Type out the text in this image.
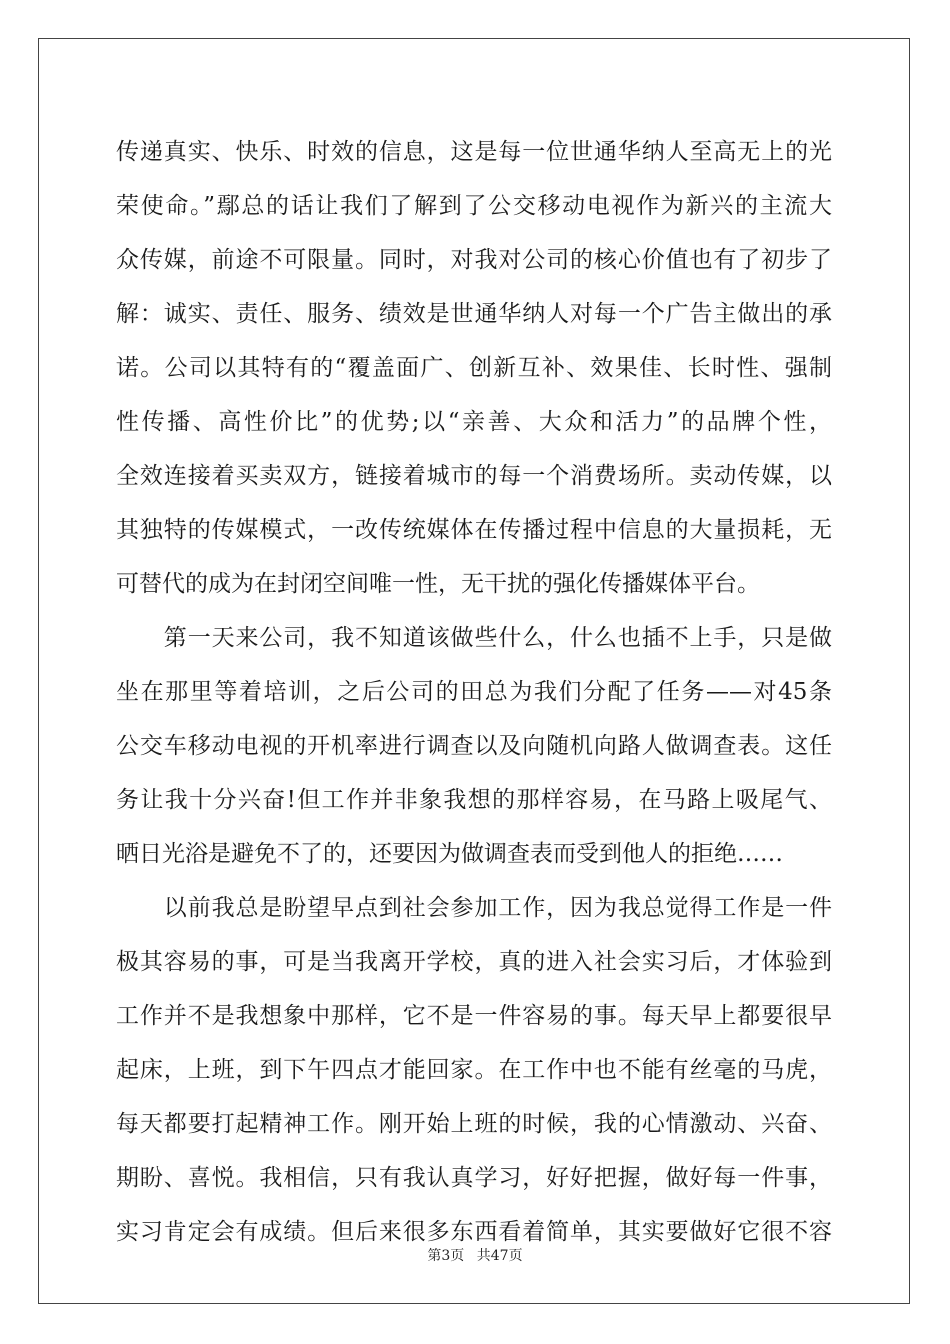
传递真实、快乐、时效的信息，这是每一位世通华纳人至高无上的光
荣使命。”鄢总的话让我们了解到了公交移动电视作为新兴的主流大
众传媒，前途不可限量。同时，对我对公司的核心价值也有了初步了
解：诚实、责任、服务、绩效是世通华纳人对每一个广告主做出的承
诺。公司以其特有的“覆盖面广、创新互补、效果佳、长时性、强制
性传播、高性价比”的优势;以“亲善、大众和活力”的品牌个性，
全效连接着买卖双方，链接着城市的每一个消费场所。卖动传媒，以
其独特的传媒模式，一改传统媒体在传播过程中信息的大量损耗，无
可替代的成为在封闭空间唯一性，无干扰的强化传播媒体平台。
　　第一天来公司，我不知道该做些什么，什么也插不上手，只是做
坐在那里等着培训，之后公司的田总为我们分配了任务——对45条
公交车移动电视的开机率进行调查以及向随机向路人做调查表。这任
务让我十分兴奋!但工作并非象我想的那样容易，在马路上吸尾气、
晒日光浴是避免不了的，还要因为做调查表而受到他人的拒绝……
　　以前我总是盼望早点到社会参加工作，因为我总觉得工作是一件
极其容易的事，可是当我离开学校，真的进入社会实习后，才体验到
工作并不是我想象中那样，它不是一件容易的事。每天早上都要很早
起床，上班，到下午四点才能回家。在工作中也不能有丝毫的马虎，
每天都要打起精神工作。刚开始上班的时候，我的心情激动、兴奋、
期盼、喜悦。我相信，只有我认真学习，好好把握，做好每一件事，
实习肯定会有成绩。但后来很多东西看着简单，其实要做好它很不容
第3页 共47页
